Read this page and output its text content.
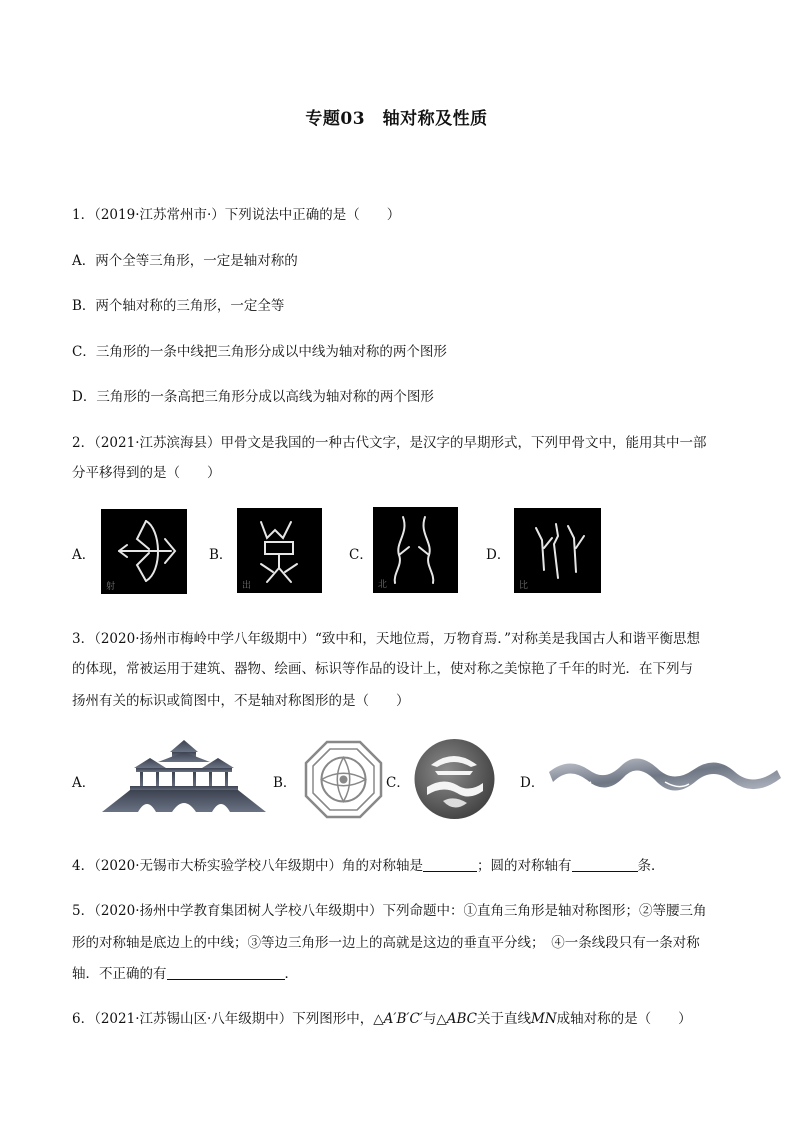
专题03　轴对称及性质
1．（2019·江苏常州市·）下列说法中正确的是（　　）
A．两个全等三角形，一定是轴对称的
B．两个轴对称的三角形，一定全等
C．三角形的一条中线把三角形分成以中线为轴对称的两个图形
D．三角形的一条高把三角形分成以高线为轴对称的两个图形
2．（2021·江苏滨海县）甲骨文是我国的一种古代文字，是汉字的早期形式，下列甲骨文中，能用其中一部
分平移得到的是（　　）
A．
射
B．
出
C．
北
D．
比
3．（2020·扬州市梅岭中学八年级期中）“致中和，天地位焉，万物育焉．”对称美是我国古人和谐平衡思想
的体现，常被运用于建筑、器物、绘画、标识等作品的设计上，使对称之美惊艳了千年的时光．在下列与
扬州有关的标识或简图中，不是轴对称图形的是（　　）
A．	B．	C．	D．
4．（2020·无锡市大桥实验学校八年级期中）角的对称轴是	；圆的对称轴有	条．
5．（2020·扬州中学教育集团树人学校八年级期中）下列命题中：①直角三角形是轴对称图形；②等腰三角
形的对称轴是底边上的中线；③等边三角形一边上的高就是这边的垂直平分线；　④一条线段只有一条对称
轴．不正确的有	．
6．（2021·江苏锡山区·八年级期中）下列图形中，△A′B′C′与△ABC关于直线MN成轴对称的是（　　）
